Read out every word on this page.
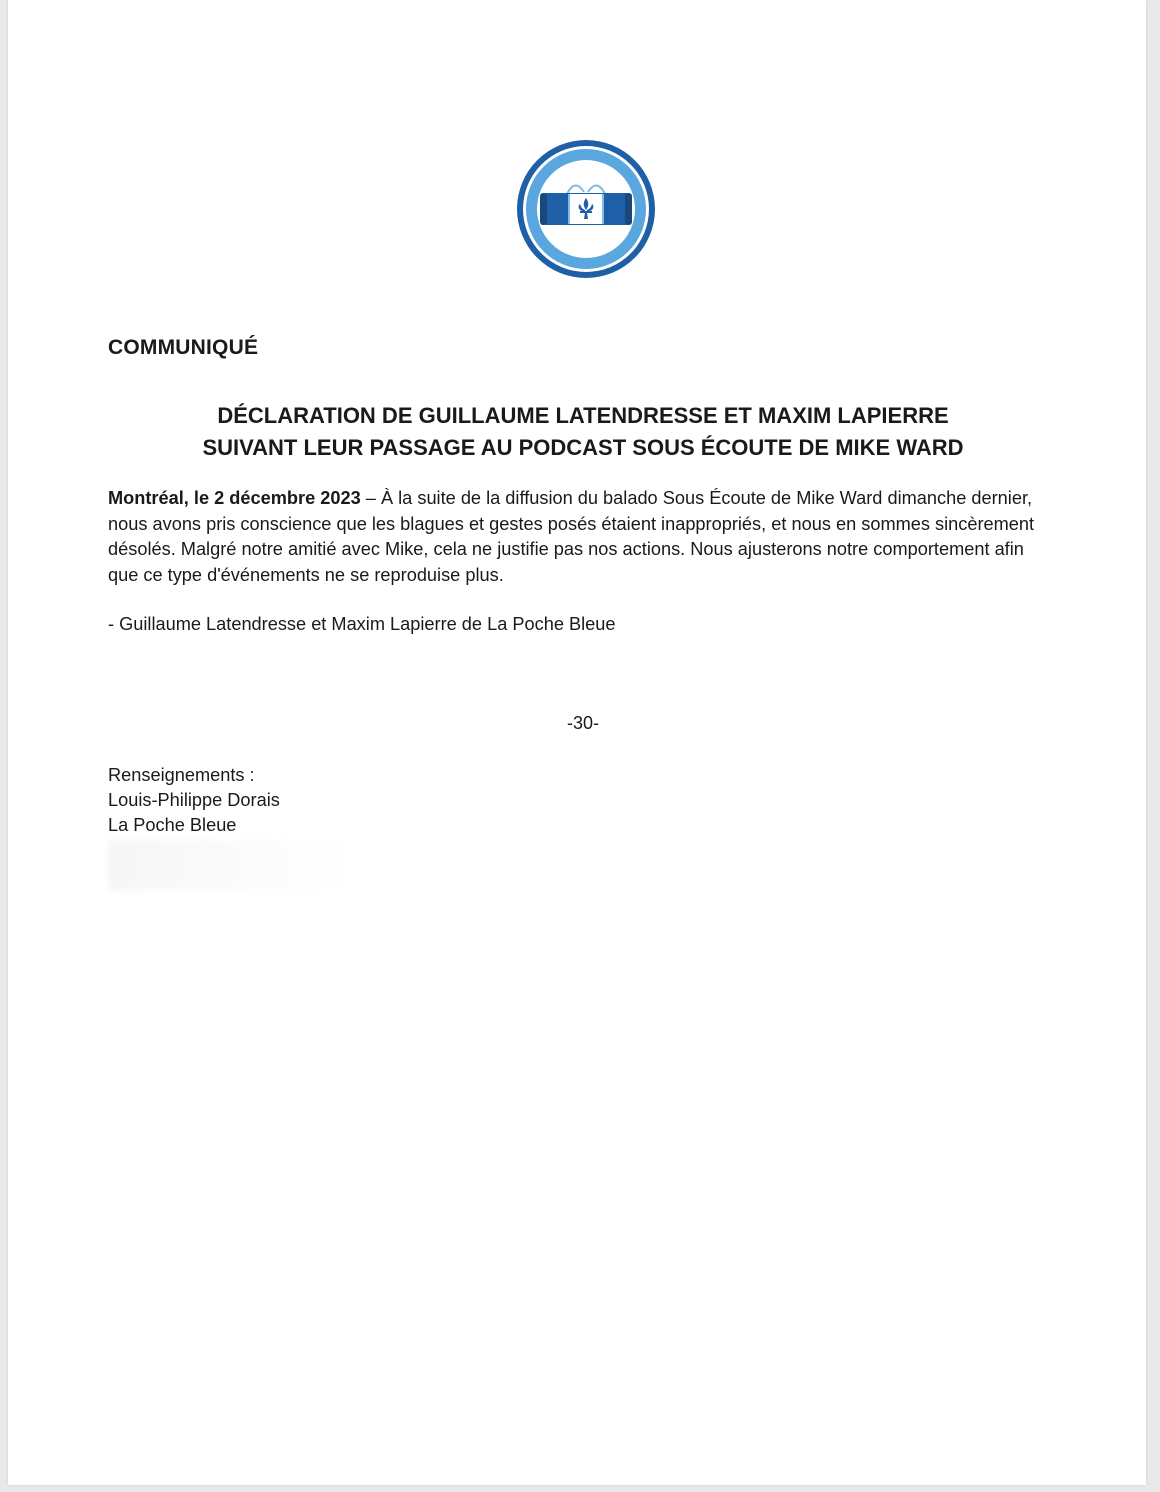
PODCAST
LA POCHE BLEUE
COMMUNIQUÉ
DÉCLARATION DE GUILLAUME LATENDRESSE ET MAXIM LAPIERRE
SUIVANT LEUR PASSAGE AU PODCAST SOUS ÉCOUTE DE MIKE WARD

Montréal, le 2 décembre 2023 – À la suite de la diffusion du balado Sous Écoute de Mike Ward dimanche dernier, nous avons pris conscience que les blagues et gestes posés étaient inappropriés, et nous en sommes sincèrement désolés. Malgré notre amitié avec Mike, cela ne justifie pas nos actions. Nous ajusterons notre comportement afin que ce type d'événements ne se reproduise plus.

- Guillaume Latendresse et Maxim Lapierre de La Poche Bleue

-30-

Renseignements :
Louis-Philippe Dorais
La Poche Bleue
